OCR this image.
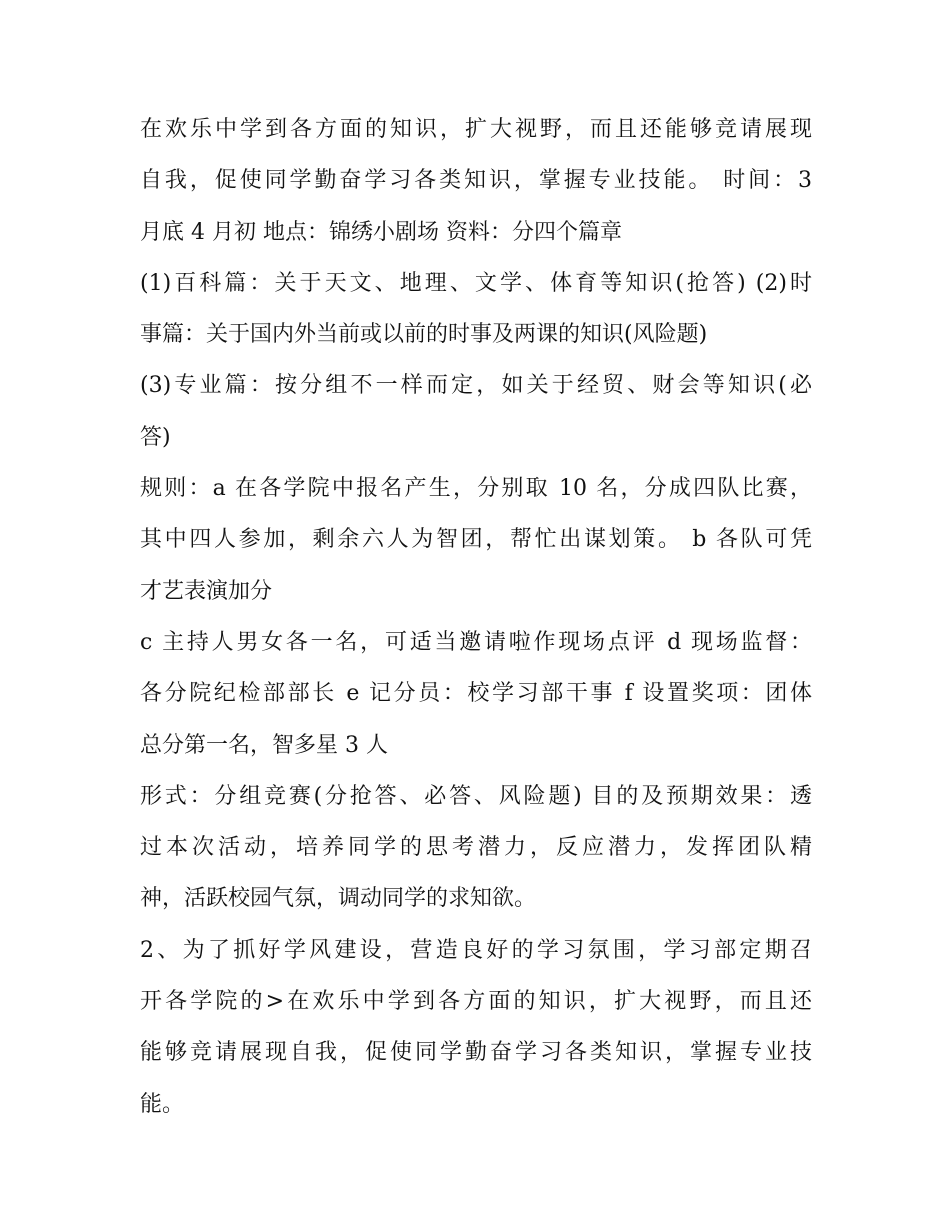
在欢乐中学到各方面的知识，扩大视野，而且还能够竞请展现
自我，促使同学勤奋学习各类知识，掌握专业技能。 时间：3
月底 4 月初 地点：锦绣小剧场 资料：分四个篇章
(1)百科篇：关于天文、地理、文学、体育等知识(抢答) (2)时
事篇：关于国内外当前或以前的时事及两课的知识(风险题)
(3)专业篇：按分组不一样而定，如关于经贸、财会等知识(必
答)
规则：a 在各学院中报名产生，分别取 10 名，分成四队比赛，
其中四人参加，剩余六人为智团，帮忙出谋划策。 b 各队可凭
才艺表演加分
c 主持人男女各一名，可适当邀请啦作现场点评 d 现场监督：
各分院纪检部部长 e 记分员：校学习部干事 f 设置奖项：团体
总分第一名，智多星 3 人
形式：分组竞赛(分抢答、必答、风险题) 目的及预期效果：透
过本次活动，培养同学的思考潜力，反应潜力，发挥团队精
神，活跃校园气氛，调动同学的求知欲。
2、为了抓好学风建设，营造良好的学习氛围，学习部定期召
开各学院的>在欢乐中学到各方面的知识，扩大视野，而且还
能够竞请展现自我，促使同学勤奋学习各类知识，掌握专业技
能。
